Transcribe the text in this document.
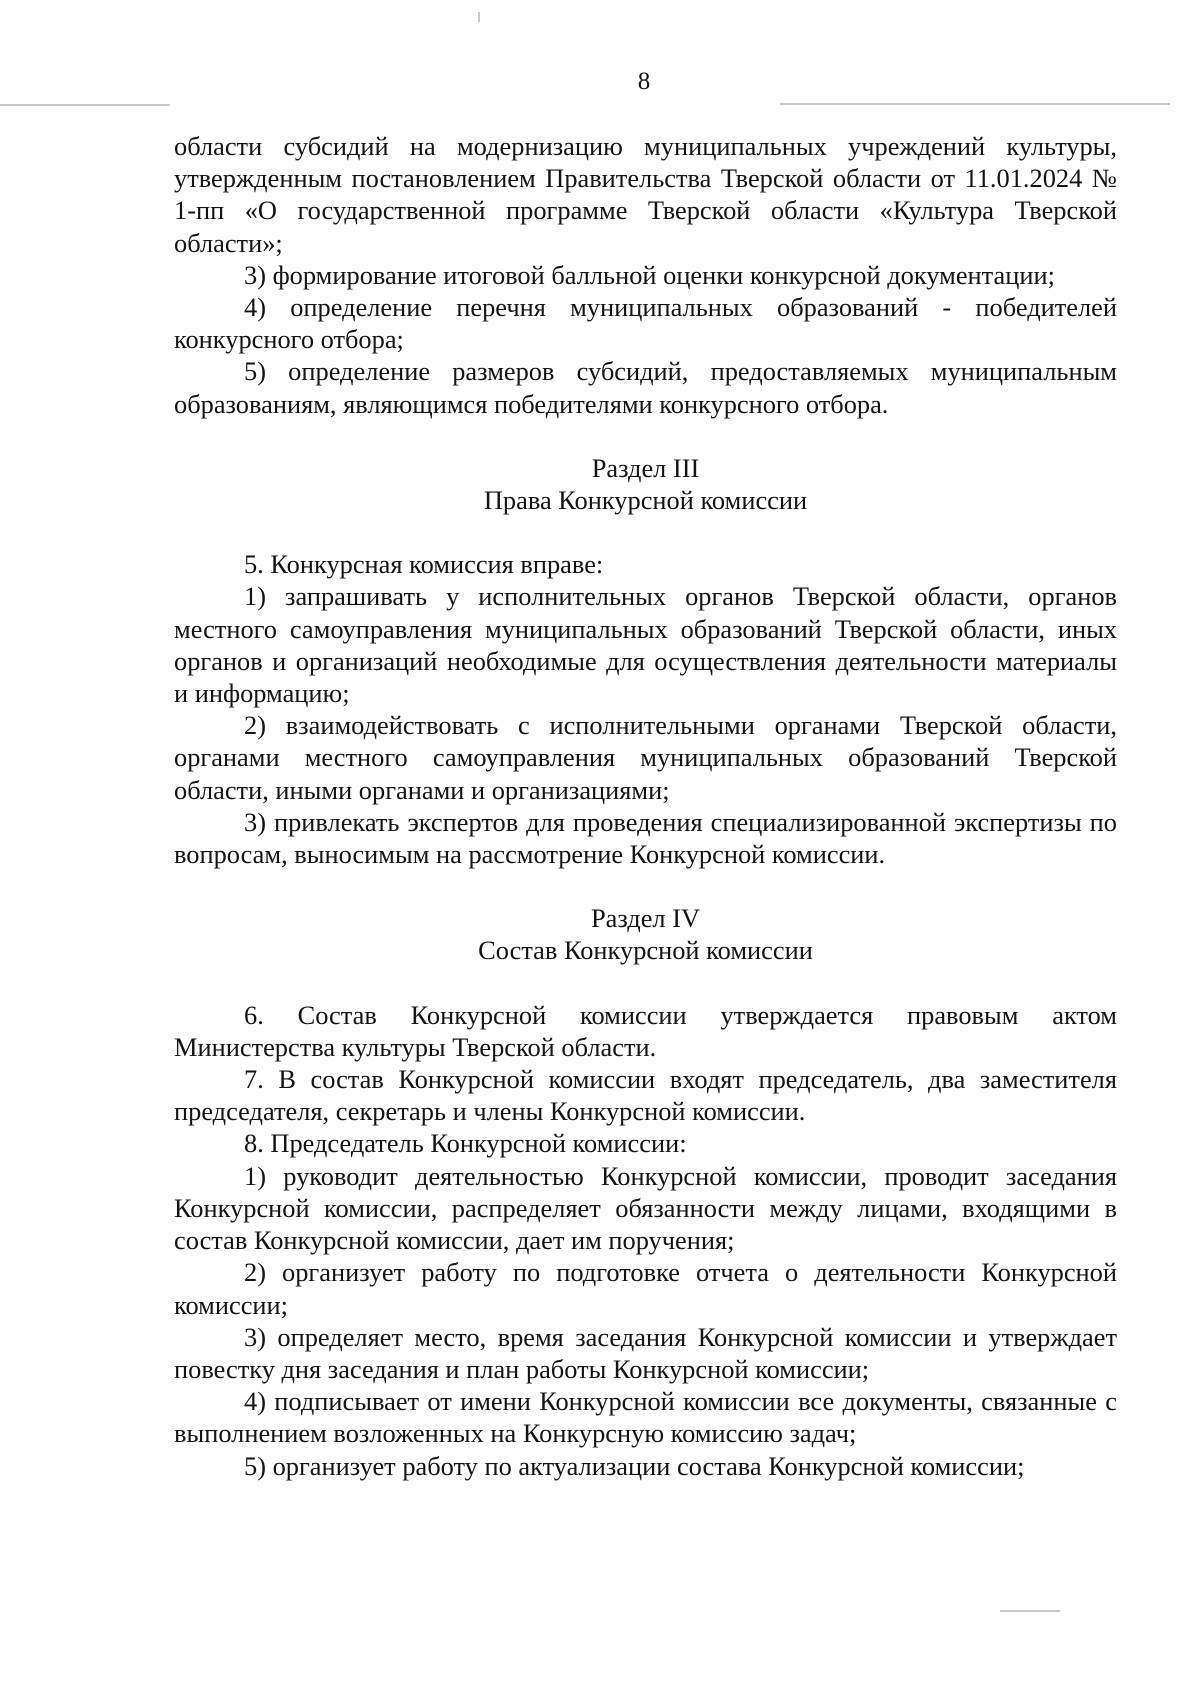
8

области субсидий на модернизацию муниципальных учреждений культуры, утвержденным постановлением Правительства Тверской области от 11.01.2024 № 1-пп «О государственной программе Тверской области «Культура Тверской области»;

3) формирование итоговой балльной оценки конкурсной документации;

4) определение перечня муниципальных образований - победителей конкурсного отбора;

5) определение размеров субсидий, предоставляемых муниципальным образованиям, являющимся победителями конкурсного отбора.

Раздел III

Права Конкурсной комиссии

5. Конкурсная комиссия вправе:

1) запрашивать у исполнительных органов Тверской области, органов местного самоуправления муниципальных образований Тверской области, иных органов и организаций необходимые для осуществления деятельности материалы и информацию;

2) взаимодействовать с исполнительными органами Тверской области, органами местного самоуправления муниципальных образований Тверской области, иными органами и организациями;

3) привлекать экспертов для проведения специализированной экспертизы по вопросам, выносимым на рассмотрение Конкурсной комиссии.

Раздел IV

Состав Конкурсной комиссии

6. Состав Конкурсной комиссии утверждается правовым актом Министерства культуры Тверской области.

7. В состав Конкурсной комиссии входят председатель, два заместителя председателя, секретарь и члены Конкурсной комиссии.

8. Председатель Конкурсной комиссии:

1) руководит деятельностью Конкурсной комиссии, проводит заседания Конкурсной комиссии, распределяет обязанности между лицами, входящими в состав Конкурсной комиссии, дает им поручения;

2) организует работу по подготовке отчета о деятельности Конкурсной комиссии;

3) определяет место, время заседания Конкурсной комиссии и утверждает повестку дня заседания и план работы Конкурсной комиссии;

4) подписывает от имени Конкурсной комиссии все документы, связанные с выполнением возложенных на Конкурсную комиссию задач;

5) организует работу по актуализации состава Конкурсной комиссии;
